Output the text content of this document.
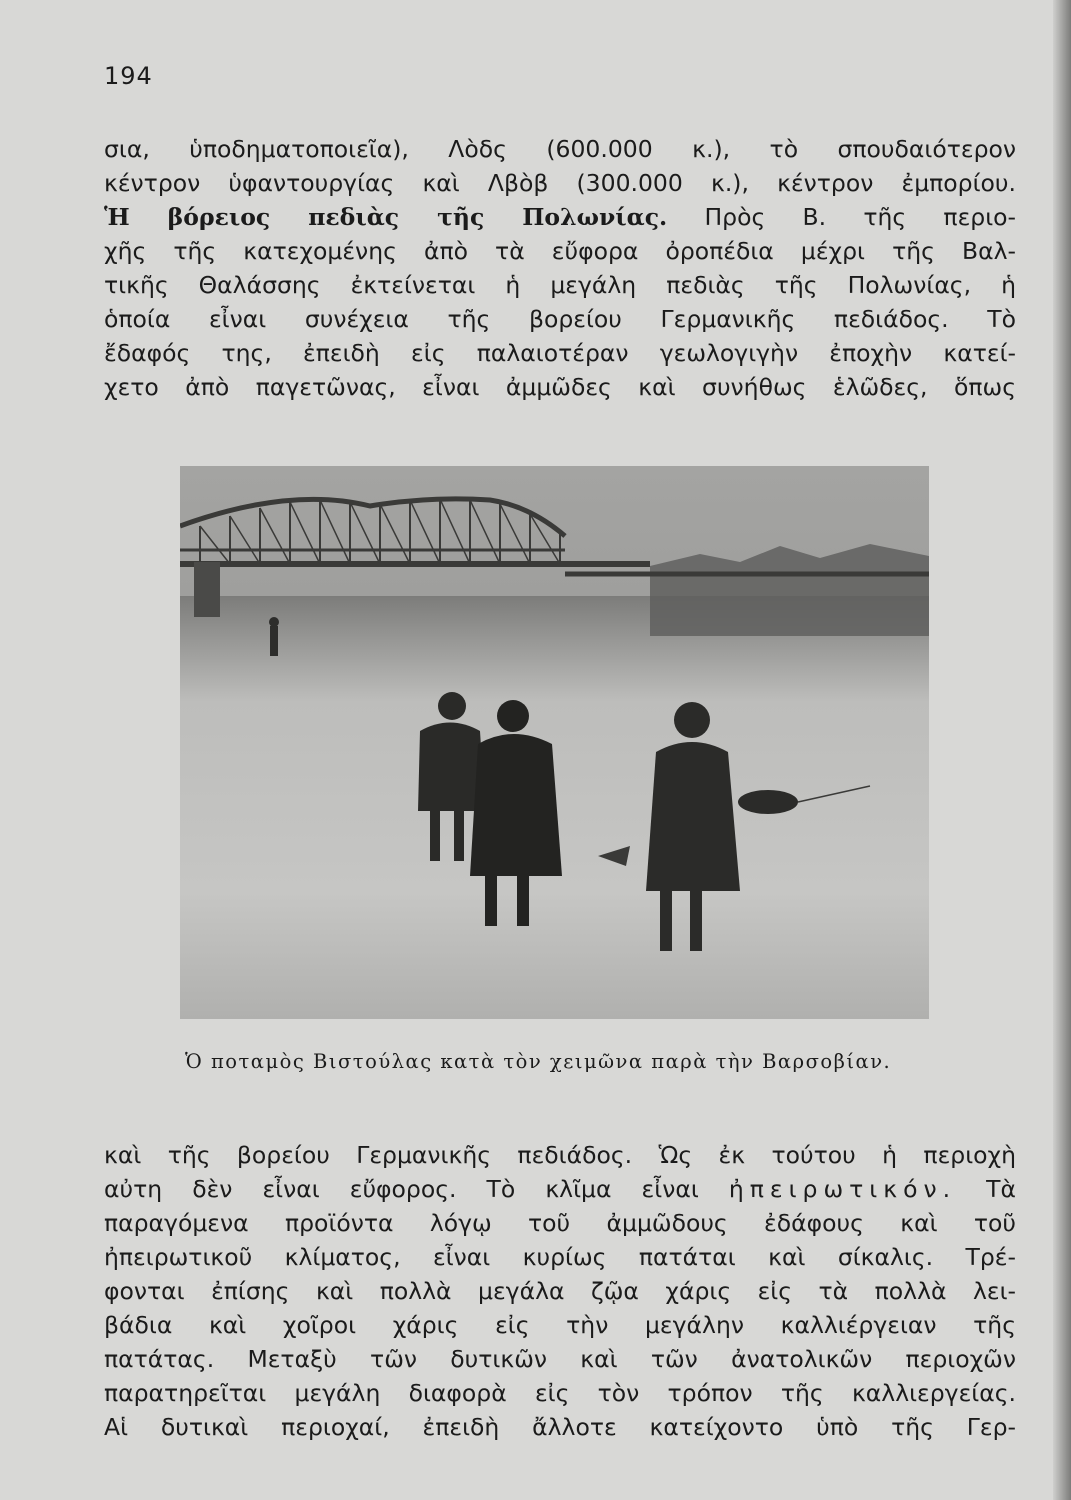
194
σια, ὑποδηματοποιεῖα), Λὸδς (600.000 κ.), τὸ σπουδαιότερον
κέντρον ὑφαντουργίας καὶ Λβὸβ (300.000 κ.), κέντρον ἐμπορίου.
Ἡ βόρειος πεδιὰς τῆς Πολωνίας. Πρὸς Β. τῆς περιο-
χῆς τῆς κατεχομένης ἀπὸ τὰ εὔφορα ὀροπέδια μέχρι τῆς Βαλ-
τικῆς Θαλάσσης ἐκτείνεται ἡ μεγάλη πεδιὰς τῆς Πολωνίας, ἡ
ὁποία εἶναι συνέχεια τῆς βορείου Γερμανικῆς πεδιάδος. Τὸ
ἔδαφός της, ἐπειδὴ εἰς παλαιοτέραν γεωλογιγὴν ἐποχὴν κατεί-
χετο ἀπὸ παγετῶνας, εἶναι ἀμμῶδες καὶ συνήθως ἑλῶδες, ὅπως
Ὁ ποταμὸς Βιστούλας κατὰ τὸν χειμῶνα παρὰ τὴν Βαρσοβίαν.
καὶ τῆς βορείου Γερμανικῆς πεδιάδος. Ὡς ἐκ τούτου ἡ περιοχὴ
αὐτη δὲν εἶναι εὔφορος. Τὸ κλῖμα εἶναι ἠπειρωτικόν. Τὰ
παραγόμενα προϊόντα λόγῳ τοῦ ἀμμῶδους ἐδάφους καὶ τοῦ
ἠπειρωτικοῦ κλίματος, εἶναι κυρίως πατάται καὶ σίκαλις. Τρέ-
φονται ἐπίσης καὶ πολλὰ μεγάλα ζῷα χάρις εἰς τὰ πολλὰ λει-
βάδια καὶ χοῖροι χάρις εἰς τὴν μεγάλην καλλιέργειαν τῆς
πατάτας. Μεταξὺ τῶν δυτικῶν καὶ τῶν ἀνατολικῶν περιοχῶν
παρατηρεῖται μεγάλη διαφορὰ εἰς τὸν τρόπον τῆς καλλιεργείας.
Αἱ δυτικαὶ περιοχαί, ἐπειδὴ ἄλλοτε κατείχοντο ὑπὸ τῆς Γερ-
